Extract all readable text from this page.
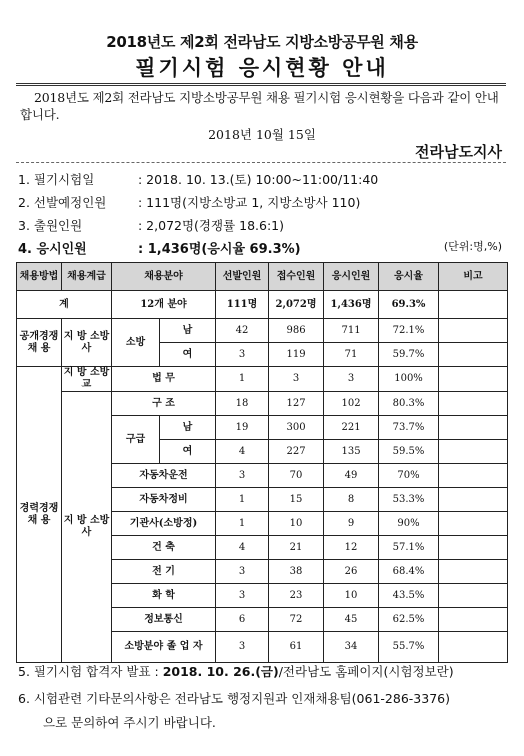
2018년도 제2회 전라남도 지방소방공무원 채용
필기시험 응시현황 안내
2018년도 제2회 전라남도 지방소방공무원 채용 필기시험 응시현황을 다음과 같이 안내합니다.
2018년 10월 15일
전라남도지사
1. 필기시험일	: 2018. 10. 13.(토) 10:00~11:00/11:40
2. 선발예정인원	: 111명(지방소방교 1, 지방소방사 110)
3. 출원인원	: 2,072명(경쟁률 18.6:1)
4. 응시인원	: 1,436명(응시율 69.3%)	(단위:명,%)
채용방법	채용계급	채용분야		선발인원	접수인원	응시인원	응시율	비고
계		12개 분야		111명	2,072명	1,436명	69.3%	
공개경쟁 채 용	지 방 소방사	소방	남	42	986	711	72.1%	
			여	3	119	71	59.7%	
경력경쟁 채 용	지 방 소방교	법 무		1	3	3	100%	
	지 방 소방사	구 조		18	127	102	80.3%	
		구급	남	19	300	221	73.7%	
			여	4	227	135	59.5%	
		자동차운전		3	70	49	70%	
		자동차정비		1	15	8	53.3%	
		기관사(소방정)		1	10	9	90%	
		건 축		4	21	12	57.1%	
		전 기		3	38	26	68.4%	
		화 학		3	23	10	43.5%	
		정보통신		6	72	45	62.5%	
		소방분야 졸 업 자		3	61	34	55.7%	
5. 필기시험 합격자 발표 : 2018. 10. 26.(금)/전라남도 홈페이지(시험정보란)
6. 시험관련 기타문의사항은 전라남도 행정지원과 인재채용팀(061-286-3376)
으로 문의하여 주시기 바랍니다.
